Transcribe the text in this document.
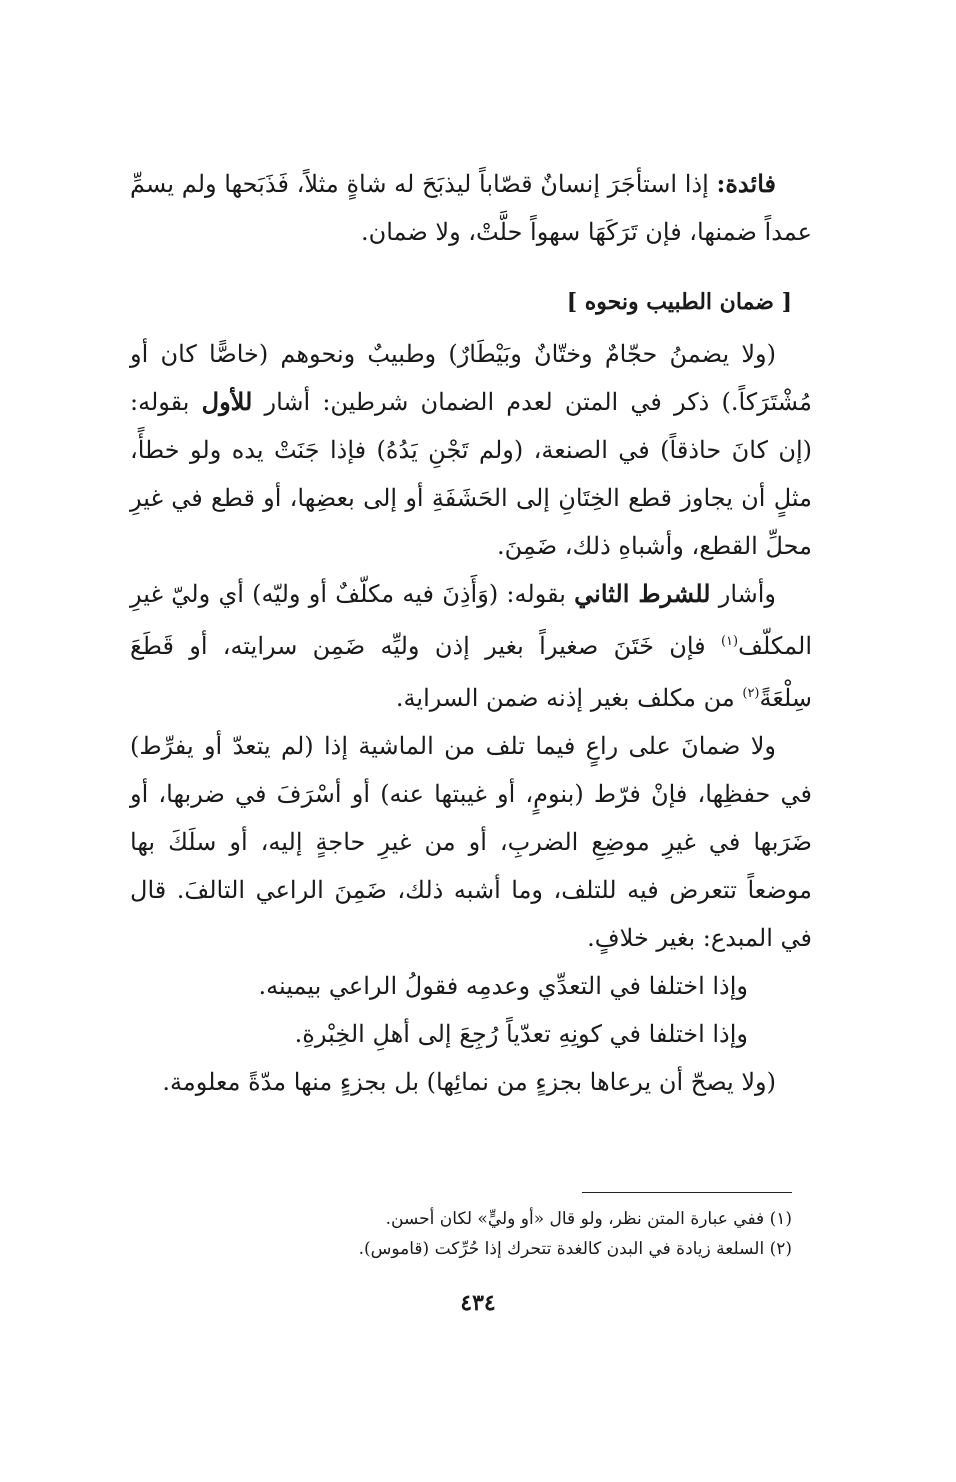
فائدة: إذا استأجَرَ إنسانٌ قصّاباً ليذبَحَ له شاةٍ مثلاً، فَذَبَحها ولم يسمِّ عمداً ضمنها، فإن تَرَكَهَا سهواً حلَّتْ، ولا ضمان.

[ ضمان الطبيب ونحوه ]

(ولا يضمنُ حجّامٌ وختّانٌ وبَيْطَارٌ) وطبيبٌ ونحوهم (خاصًّا كان أو مُشْتَرَكاً.) ذكر في المتن لعدم الضمان شرطين: أشار للأول بقوله: (إن كانَ حاذقاً) في الصنعة، (ولم تَجْنِ يَدُهُ) فإذا جَنَتْ يده ولو خطأً، مثلٍ أن يجاوز قطع الخِتَانِ إلى الحَشَفَةِ أو إلى بعضِها، أو قطع في غيرِ محلِّ القطع، وأشباهِ ذلك، ضَمِنَ.

وأشار للشرط الثاني بقوله: (وَأَذِنَ فيه مكلّفٌ أو وليّه) أي وليّ غيرِ المكلّف$^{(١)}$ فإن خَتَنَ صغيراً بغير إذن وليِّه ضَمِن سرايته، أو قَطَعَ سِلْعَةً$^{(٢)}$ من مكلف بغير إذنه ضمن السراية.

ولا ضمانَ على راعٍ فيما تلف من الماشية إذا (لم يتعدّ أو يفرِّط) في حفظِها، فإنْ فرّط (بنومٍ، أو غيبتها عنه) أو أسْرَفَ في ضربها، أو ضَرَبها في غيرِ موضِعِ الضربِ، أو من غيرِ حاجةٍ إليه، أو سلَكَ بها موضعاً تتعرض فيه للتلف، وما أشبه ذلك، ضَمِنَ الراعي التالفَ. قال في المبدع: بغير خلافٍ.

وإذا اختلفا في التعدِّي وعدمِه فقولُ الراعي بيمينه.

وإذا اختلفا في كونِهِ تعدّياً رُجِعَ إلى أهلِ الخِبْرةِ.

(ولا يصحّ أن يرعاها بجزءٍ من نمائِها) بل بجزءٍ منها مدّةً معلومة.

(١) ففي عبارة المتن نظر، ولو قال «أو وليٍّ» لكان أحسن.

(٢) السلعة زيادة في البدن كالغدة تتحرك إذا حُرِّكت (قاموس).

٤٣٤
